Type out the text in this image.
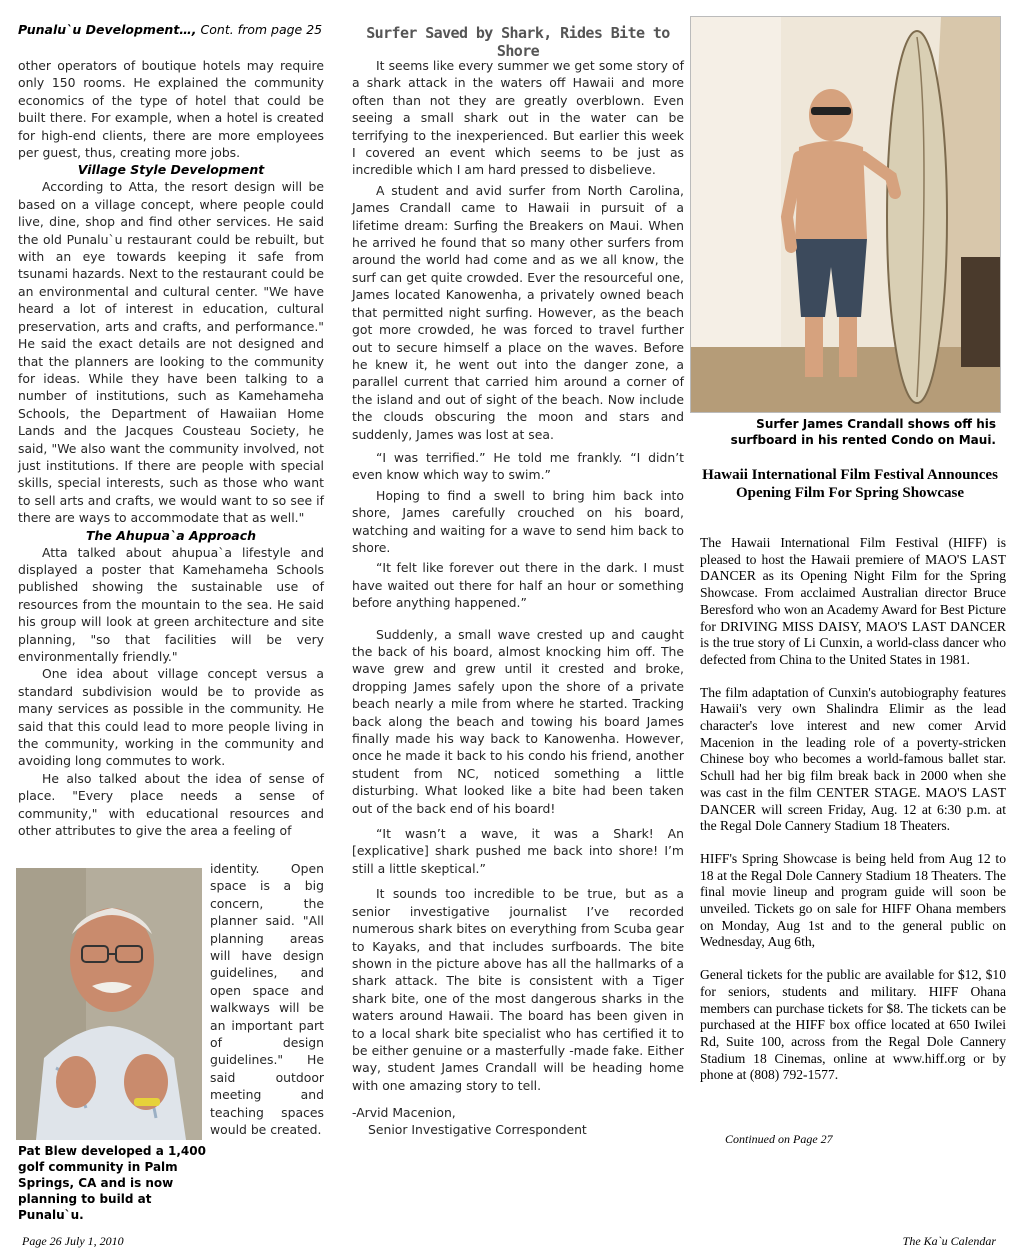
Punalu`u Development…, Cont. from page 25

other operators of boutique hotels may require only 150 rooms. He explained the community economics of the type of hotel that could be built there. For example, when a hotel is created for high-end clients, there are more employees per guest, thus, creating more jobs.

Village Style Development

According to Atta, the resort design will be based on a village concept, where people could live, dine, shop and find other services. He said the old Punalu`u restaurant could be rebuilt, but with an eye towards keeping it safe from tsunami hazards. Next to the restaurant could be an environmental and cultural center. "We have heard a lot of interest in education, cultural preservation, arts and crafts, and performance." He said the exact details are not designed and that the planners are looking to the community for ideas. While they have been talking to a number of institutions, such as Kamehameha Schools, the Department of Hawaiian Home Lands and the Jacques Cousteau Society, he said, "We also want the community involved, not just institutions. If there are people with special skills, special interests, such as those who want to sell arts and crafts, we would want to so see if there are ways to accommodate that as well."

The Ahupua`a Approach

Atta talked about ahupua`a lifestyle and displayed a poster that Kamehameha Schools published showing the sustainable use of resources from the mountain to the sea. He said his group will look at green architecture and site planning, "so that facilities will be very environmentally friendly."

One idea about village concept versus a standard subdivision would be to provide as many services as possible in the community. He said that this could lead to more people living in the community, working in the community and avoiding long commutes to work.

He also talked about the idea of sense of place. "Every place needs a sense of community," with educational resources and other attributes to give the area a feeling of

identity. Open space is a big concern, the planner said. "All planning areas will have design guidelines, and open space and walkways will be an important part of design guidelines." He said outdoor meeting and teaching spaces would be created.

Pat Blew developed a 1,400 golf community in Palm Springs, CA and is now planning to build at Punalu`u.
Surfer Saved by Shark, Rides Bite to Shore

It seems like every summer we get some story of a shark attack in the waters off Hawaii and more often than not they are greatly overblown. Even seeing a small shark out in the water can be terrifying to the inexperienced. But earlier this week I covered an event which seems to be just as incredible which I am hard pressed to disbelieve.

A student and avid surfer from North Carolina, James Crandall came to Hawaii in pursuit of a lifetime dream: Surfing the Breakers on Maui. When he arrived he found that so many other surfers from around the world had come and as we all know, the surf can get quite crowded. Ever the resourceful one, James located Kanowenha, a privately owned beach that permitted night surfing. However, as the beach got more crowded, he was forced to travel further out to secure himself a place on the waves. Before he knew it, he went out into the danger zone, a parallel current that carried him around a corner of the island and out of sight of the beach. Now include the clouds obscuring the moon and stars and suddenly, James was lost at sea.

“I was terrified.” He told me frankly. “I didn’t even know which way to swim.”

Hoping to find a swell to bring him back into shore, James carefully crouched on his board, watching and waiting for a wave to send him back to shore.

“It felt like forever out there in the dark. I must have waited out there for half an hour or something before anything happened.”

Suddenly, a small wave crested up and caught the back of his board, almost knocking him off. The wave grew and grew until it crested and broke, dropping James safely upon the shore of a private beach nearly a mile from where he started. Tracking back along the beach and towing his board James finally made his way back to Kanowenha. However, once he made it back to his condo his friend, another student from NC, noticed something a little disturbing. What looked like a bite had been taken out of the back end of his board!

“It wasn’t a wave, it was a Shark! An [explicative] shark pushed me back into shore! I’m still a little skeptical.”

It sounds too incredible to be true, but as a senior investigative journalist I’ve recorded numerous shark bites on everything from Scuba gear to Kayaks, and that includes surfboards. The bite shown in the picture above has all the hallmarks of a shark attack. The bite is consistent with a Tiger shark bite, one of the most dangerous sharks in the waters around Hawaii. The board has been given in to a local shark bite specialist who has certified it to be either genuine or a masterfully -made fake. Either way, student James Crandall will be heading home with one amazing story to tell.

-Arvid Macenion,
Senior Investigative Correspondent
Surfer James Crandall shows off his surfboard in his rented Condo on Maui.
Hawaii International Film Festival Announces Opening Film For Spring Showcase

The Hawaii International Film Festival (HIFF) is pleased to host the Hawaii premiere of MAO'S LAST DANCER as its Opening Night Film for the Spring Showcase. From acclaimed Australian director Bruce Beresford who won an Academy Award for Best Picture for DRIVING MISS DAISY, MAO'S LAST DANCER is the true story of Li Cunxin, a world-class dancer who defected from China to the United States in 1981.

The film adaptation of Cunxin's autobiography features Hawaii's very own Shalindra Elimir as the lead character's love interest and new comer Arvid Macenion in the leading role of a poverty-stricken Chinese boy who becomes a world-famous ballet star. Schull had her big film break back in 2000 when she was cast in the film CENTER STAGE. MAO'S LAST DANCER will screen Friday, Aug. 12 at 6:30 p.m. at the Regal Dole Cannery Stadium 18 Theaters.

HIFF's Spring Showcase is being held from Aug 12 to 18 at the Regal Dole Cannery Stadium 18 Theaters. The final movie lineup and program guide will soon be unveiled. Tickets go on sale for HIFF Ohana members on Monday, Aug 1st and to the general public on Wednesday, Aug 6th,

General tickets for the public are available for $12, $10 for seniors, students and military. HIFF Ohana members can purchase tickets for $8. The tickets can be purchased at the HIFF box office located at 650 Iwilei Rd, Suite 100, across from the Regal Dole Cannery Stadium 18 Cinemas, online at www.hiff.org or by phone at (808) 792-1577.

Continued on Page 27
Page 26 July 1, 2010	The Ka`u Calendar
